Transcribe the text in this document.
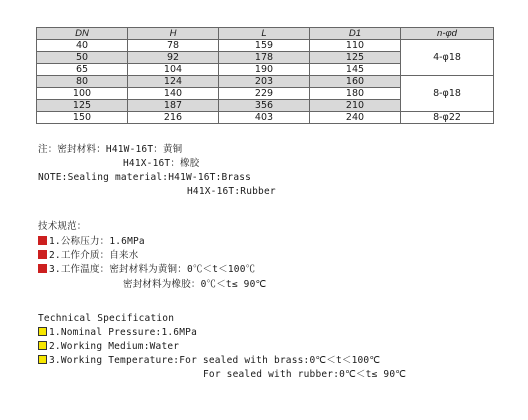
DN	H	L	D1	n-φd
40	78	159	110	4-φ18
50	92	178	125	
65	104	190	145	
80	124	203	160	8-φ18
100	140	229	180	
125	187	356	210	
150	216	403	240	8-φ22
注：密封材料：H41W-16T：黄铜
H41X-16T：橡胶
NOTE:Sealing material:H41W-16T:Brass
H41X-16T:Rubber
技术规范：
1.公称压力：1.6MPa
2.工作介质：自来水
3.工作温度：密封材料为黄铜：0℃＜t＜100℃
密封材料为橡胶：0℃＜t≤ 90℃
Technical Specification
1.Nominal Pressure:1.6MPa
2.Working Medium:Water
3.Working Temperature:For sealed with brass:0℃＜t＜100℃
For sealed with rubber:0℃＜t≤ 90℃
